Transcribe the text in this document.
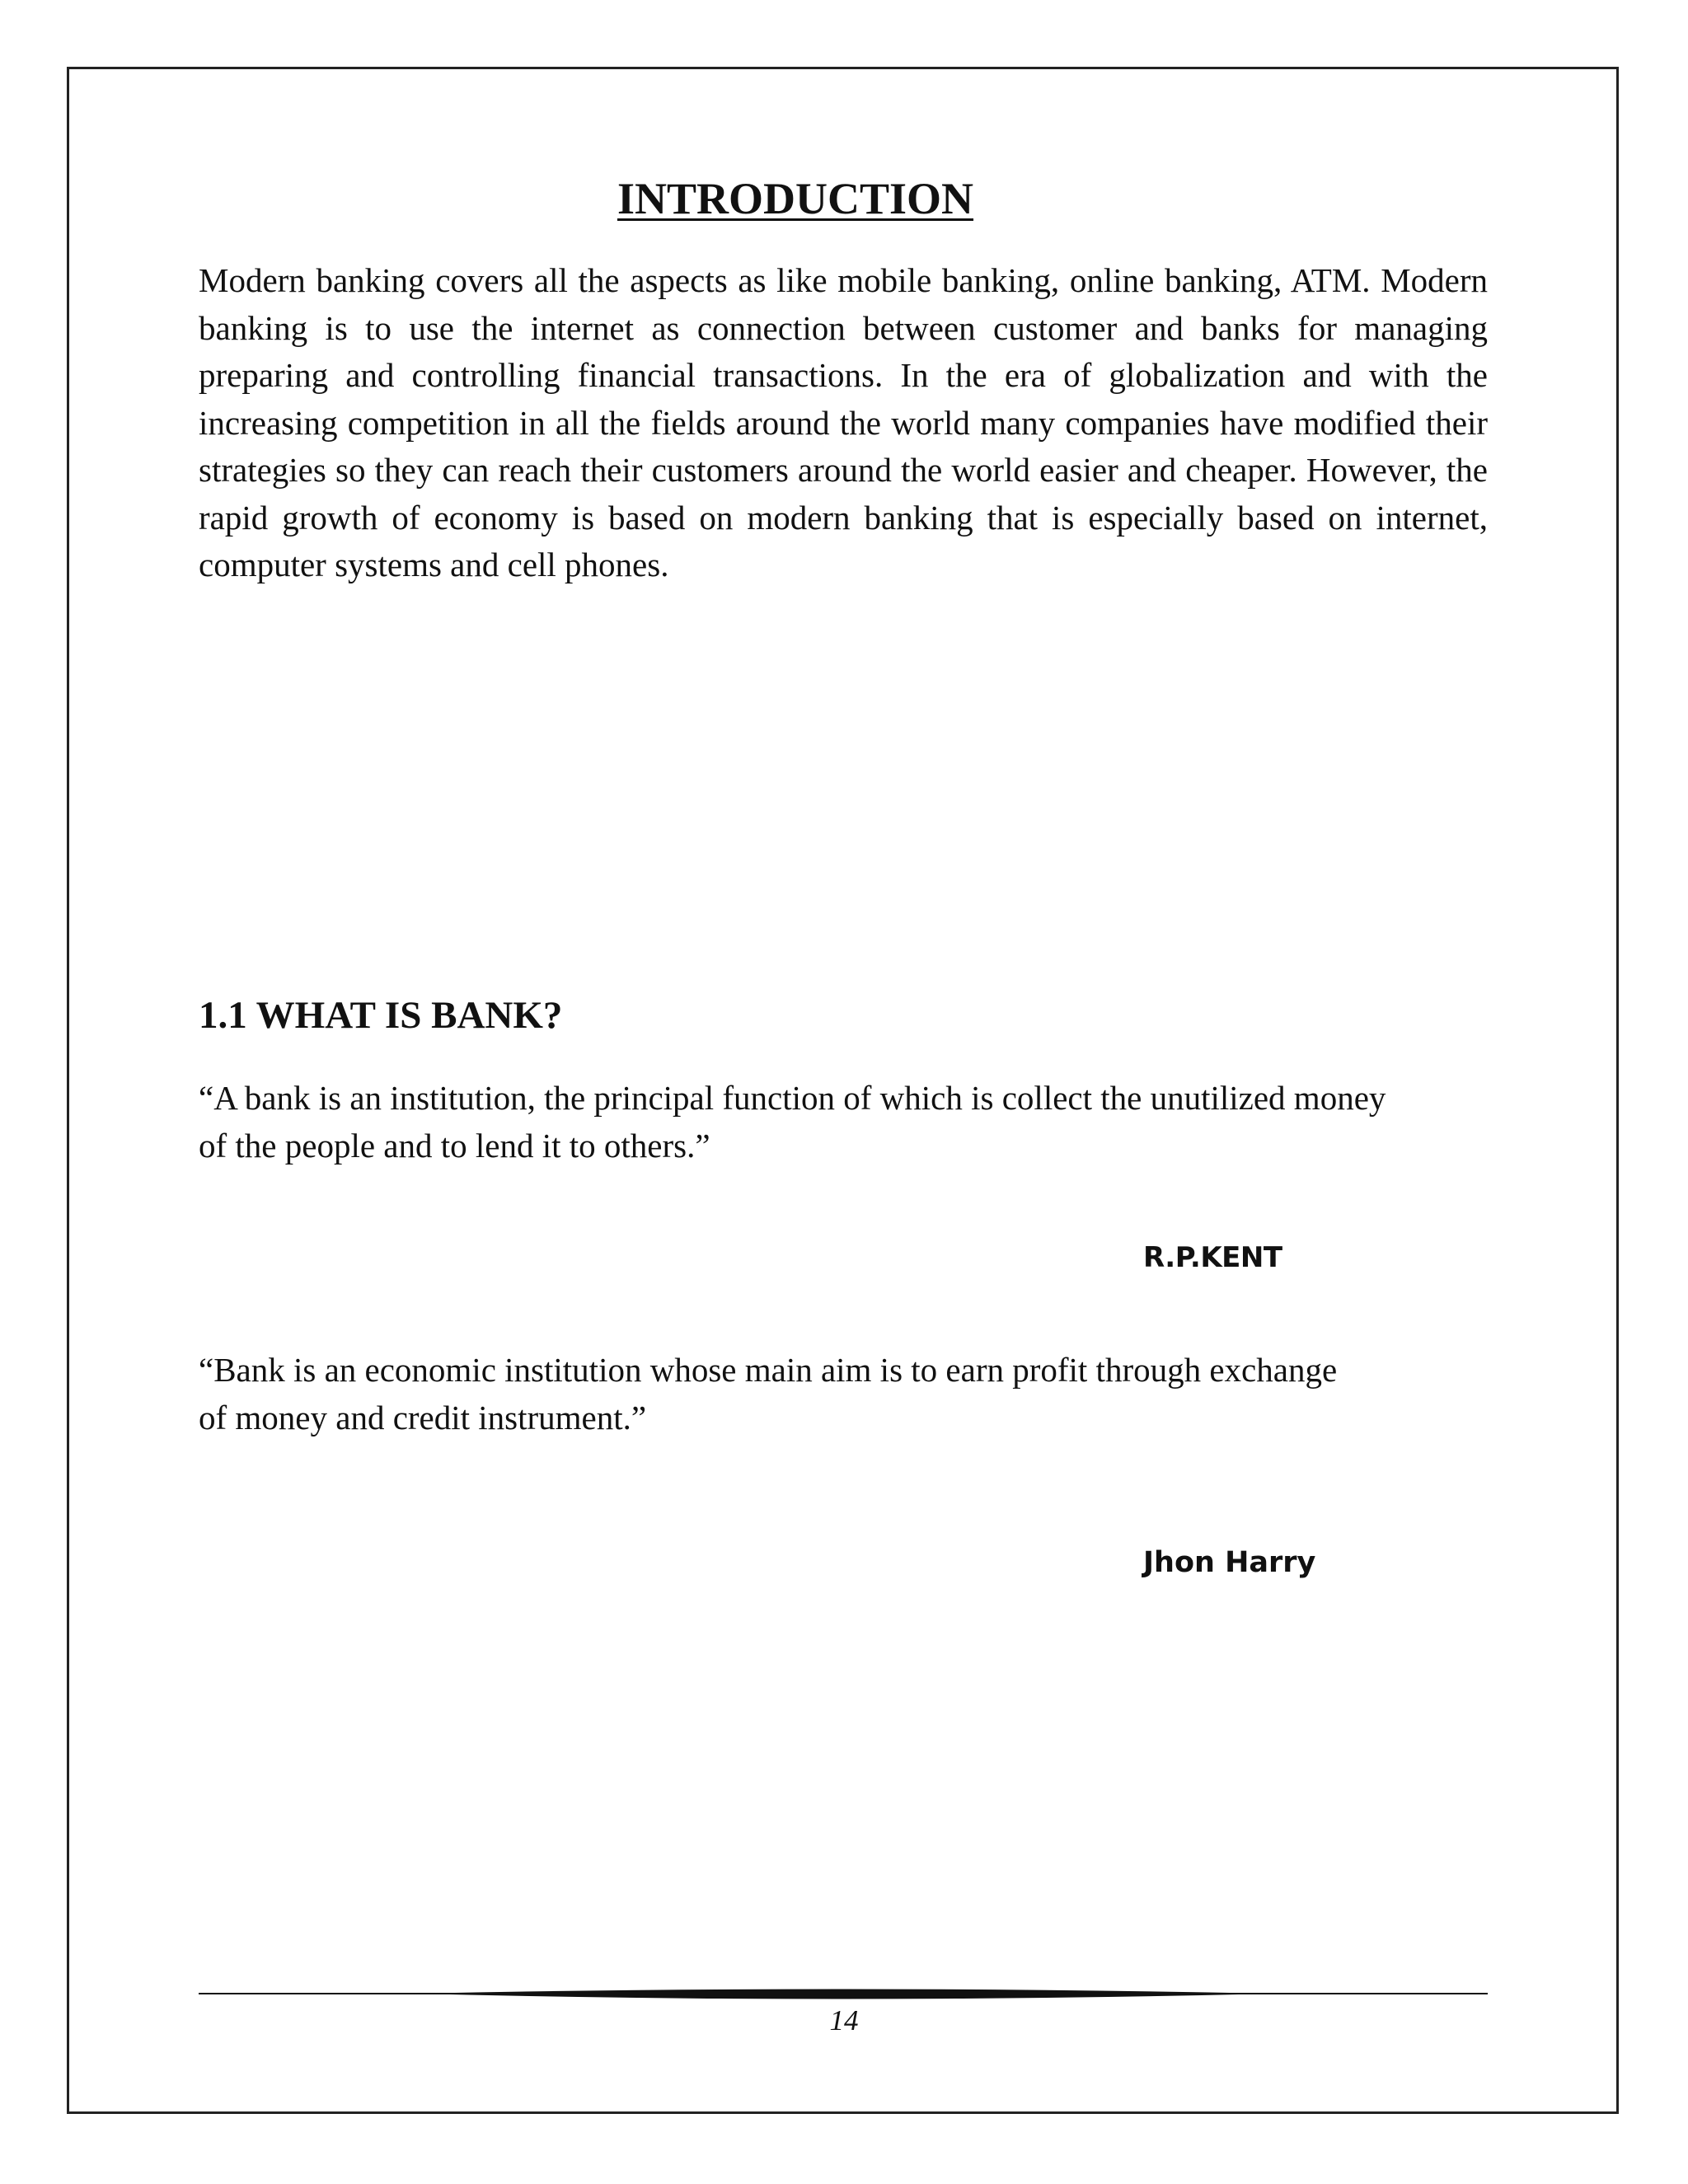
INTRODUCTION

Modern banking covers all the aspects as like mobile banking, online banking, ATM. Modern banking is to use the internet as connection between customer and banks for managing preparing and controlling financial transactions. In the era of globalization and with the increasing competition in all the fields around the world many companies have modified their strategies so they can reach their customers around the world easier and cheaper. However, the rapid growth of economy is based on modern banking that is especially based on internet, computer systems and cell phones.

1.1 WHAT IS BANK?

“A bank is an institution, the principal function of which is collect the unutilized money
of the people and to lend it to others.”

R.P.KENT

“Bank is an economic institution whose main aim is to earn profit through exchange
of money and credit instrument.”

Jhon Harry

14
